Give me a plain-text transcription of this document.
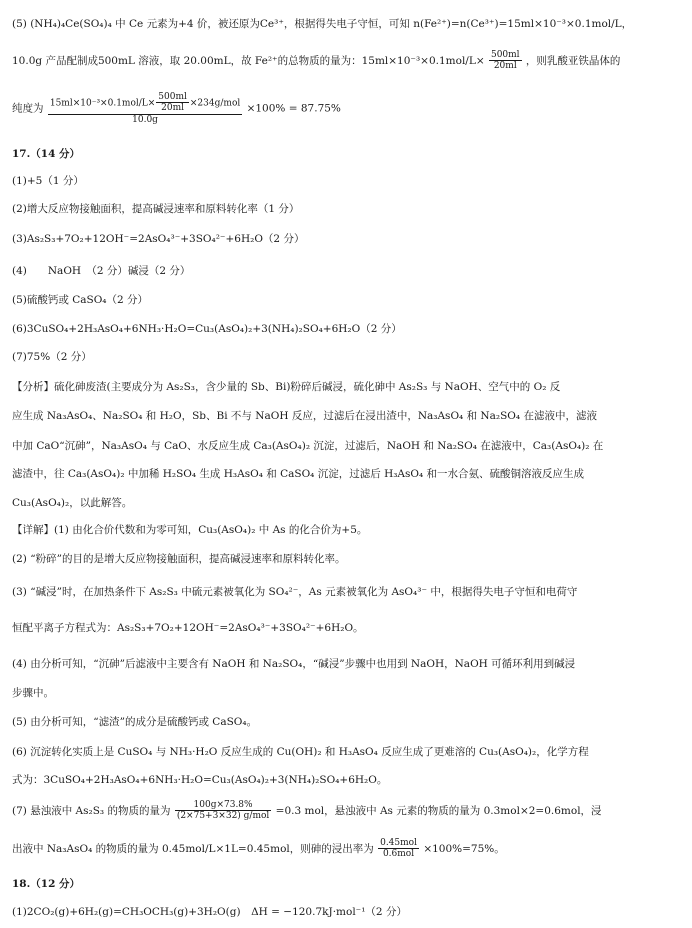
(5) (NH₄)₄Ce(SO₄)₄ 中 Ce 元素为+4 价，被还原为Ce³⁺，根据得失电子守恒，可知 n(Fe²⁺)=n(Ce³⁺)=15ml×10⁻³×0.1mol/L，
10.0g 产品配制成500mL 溶液，取 20.00mL，故 Fe²⁺的总物质的量为：$15ml\times 10^{-3}\times 0.1mol/L\times \frac{500ml}{20ml}$ ，则乳酸亚铁晶体的
纯度为 $\frac{15ml\times 10^{-3}\times 0.1mol/L\times \frac{500ml}{20ml} \times 234g/mol}{10.0g} \times 100\% = 87.75\%$
17.（14 分）
(1)+5（1 分）
(2)增大反应物接触面积，提高碱浸速率和原料转化率（1 分）
(3)As₂S₃+7O₂+12OH⁻=2AsO₄³⁻+3SO₄²⁻+6H₂O（2 分）
(4)　　NaOH　（2 分）碱浸（2 分）
(5)硫酸钙或 CaSO₄（2 分）
(6)3CuSO₄+2H₃AsO₄+6NH₃·H₂O=Cu₃(AsO₄)₂+3(NH₄)₂SO₄+6H₂O（2 分）
(7)75%（2 分）
【分析】硫化砷废渣(主要成分为 As₂S₃，含少量的 Sb、Bi)粉碎后碱浸，硫化砷中 As₂S₃ 与 NaOH、空气中的 O₂ 反
应生成 Na₃AsO₄、Na₂SO₄ 和 H₂O，Sb、Bi 不与 NaOH 反应，过滤后在浸出渣中，Na₃AsO₄ 和 Na₂SO₄ 在滤液中，滤液
中加 CaO“沉砷”，Na₃AsO₄ 与 CaO、水反应生成 Ca₃(AsO₄)₂ 沉淀，过滤后，NaOH 和 Na₂SO₄ 在滤液中，Ca₃(AsO₄)₂ 在
滤渣中，往 Ca₃(AsO₄)₂ 中加稀 H₂SO₄ 生成 H₃AsO₄ 和 CaSO₄ 沉淀，过滤后 H₃AsO₄ 和一水合氨、硫酸铜溶液反应生成
Cu₃(AsO₄)₂，以此解答。
【详解】(1) 由化合价代数和为零可知，Cu₃(AsO₄)₂ 中 As 的化合价为+5。
(2) “粉碎”的目的是增大反应物接触面积，提高碱浸速率和原料转化率。
(3) “碱浸”时，在加热条件下 As₂S₃ 中硫元素被氧化为 SO₄²⁻，As 元素被氧化为 AsO₄³⁻ 中，根据得失电子守恒和电荷守
恒配平离子方程式为：As₂S₃+7O₂+12OH⁻=2AsO₄³⁻+3SO₄²⁻+6H₂O。
(4) 由分析可知，“沉砷”后滤液中主要含有 NaOH 和 Na₂SO₄，“碱浸”步骤中也用到 NaOH，NaOH 可循环利用到碱浸
步骤中。
(5) 由分析可知，“滤渣”的成分是硫酸钙或 CaSO₄。
(6) 沉淀转化实质上是 CuSO₄ 与 NH₃·H₂O 反应生成的 Cu(OH)₂ 和 H₃AsO₄ 反应生成了更难溶的 Cu₃(AsO₄)₂，化学方程
式为：3CuSO₄+2H₃AsO₄+6NH₃·H₂O=Cu₃(AsO₄)₂+3(NH₄)₂SO₄+6H₂O。
(7) 悬浊液中 As₂S₃ 的物质的量为 $\frac{100g\times 73.8\%}{\text{(2×75+3×32) g/mol}} =0.3$ mol，悬浊液中 As 元素的物质的量为 0.3mol×2=0.6mol，浸
出液中 Na₃AsO₄ 的物质的量为 0.45mol/L×1L=0.45mol，则砷的浸出率为 $\frac{\text{0.45mol}}{\text{0.6mol}} \times 100\%=75\%$。
18.（12 分）
(1)2CO₂(g)+6H₂(g)=CH₃OCH₃(g)+3H₂O(g)　ΔH = −120.7kJ·mol⁻¹（2 分）
